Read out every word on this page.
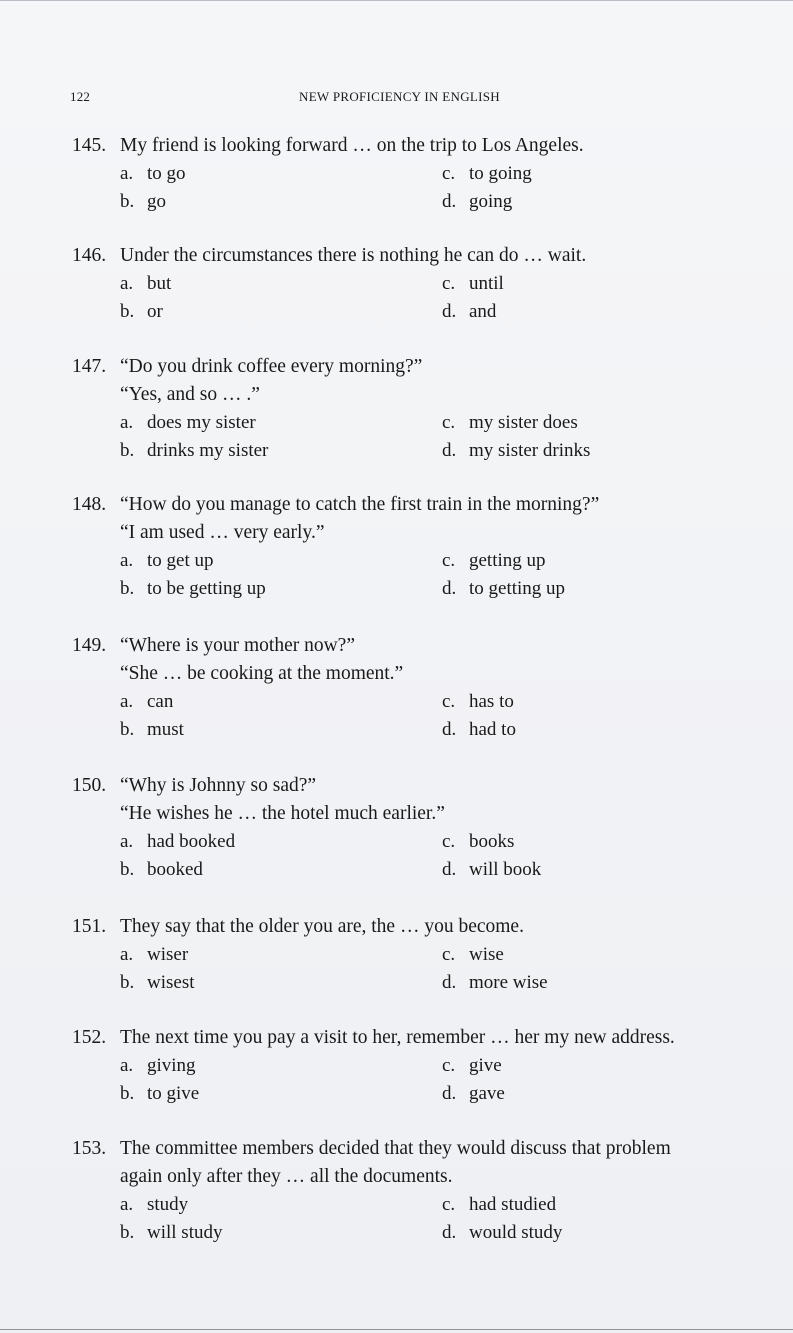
122	NEW PROFICIENCY IN ENGLISH
145. My friend is looking forward … on the trip to Los Angeles.
a. to go	c. to going
b. go	d. going
146. Under the circumstances there is nothing he can do … wait.
a. but	c. until
b. or	d. and
147. “Do you drink coffee every morning?”
“Yes, and so … .”
a. does my sister	c. my sister does
b. drinks my sister	d. my sister drinks
148. “How do you manage to catch the first train in the morning?”
“I am used … very early.”
a. to get up	c. getting up
b. to be getting up	d. to getting up
149. “Where is your mother now?”
“She … be cooking at the moment.”
a. can	c. has to
b. must	d. had to
150. “Why is Johnny so sad?”
“He wishes he … the hotel much earlier.”
a. had booked	c. books
b. booked	d. will book
151. They say that the older you are, the … you become.
a. wiser	c. wise
b. wisest	d. more wise
152. The next time you pay a visit to her, remember … her my new address.
a. giving	c. give
b. to give	d. gave
153. The committee members decided that they would discuss that problem
again only after they … all the documents.
a. study	c. had studied
b. will study	d. would study
